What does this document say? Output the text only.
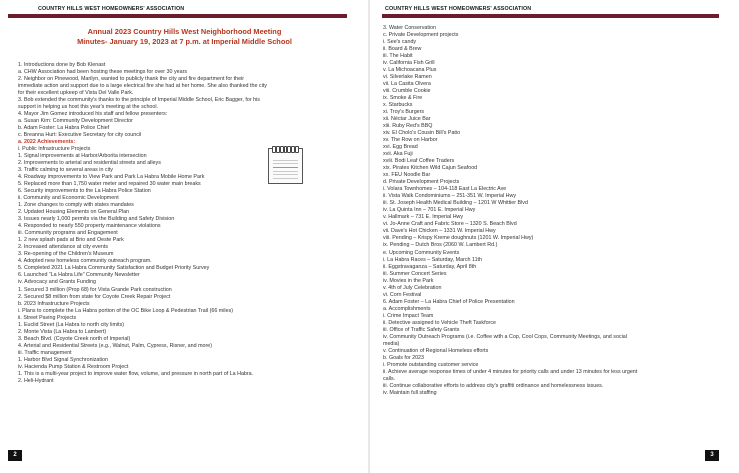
COUNTRY HILLS WEST HOMEOWNERS' ASSOCIATION
Annual 2023 Country Hills West Neighborhood Meeting
Minutes- January 19, 2023 at 7 p.m. at Imperial Middle School
1. Introductions done by Bob Klenast
a. CHW Association had been hosting these meetings for over 30 years
2. Neighbor on Pinewood, Marilyn, wanted to publicly thank the city and fire department for their
immediate action and support due to a large electrical fire she had at her home. She also thanked the city
for their excellent upkeep of Vista Del Valle Park.
3. Bob extended the community's thanks to the principle of Imperial Middle School, Eric Bagger, for his
support in helping us host this year's meeting at the school.
4. Mayor Jim Gomez introduced his staff and fellow presenters:
a. Susan Kim: Community Development Director
b. Adam Foster: La Habra Police Chief
c. Breanna Hurt: Executive Secretary for city council
a. 2022 Achievements:
i. Public Infrastructure Projects
1. Signal improvements at Harbor/Arborita intersection
2. Improvements to arterial and residential streets and alleys
3. Traffic calming to several areas in city
4. Roadway improvements to View Park and Park La Habra Mobile Home Park
5. Replaced more than 1,750 water meter and repaired 30 water main breaks
6. Security improvements to the La Habra Police Station
ii. Community and Economic Development
1. Zone changes to comply with states mandates
2. Updated Housing Elements on General Plan
3. Issues nearly 1,000 permits via the Building and Safety Division
4. Responded to nearly 550 property maintenance violations
iii. Community programs and Engagement
1. 2 new splash pads at Brio and Oeste Park
2. Increased attendance at city events
3. Re-opening of the Children's Museum
4. Adopted new homeless community outreach program.
5. Completed 2021 La Habra Community Satisfaction and Budget Priority Survey
6. Launched “La Habra Life” Community Newsletter
iv. Advocacy and Grants Funding
1. Secured 3 million (Prop 68) for Vista Grande Park construction
2. Secured $8 million from state for Coyote Creek Repair Project
b. 2023 Infrastructure Projects
i. Plans to complete the La Habra portion of the OC Bike Loop & Pedestrian Trail (66 miles)
ii. Street Paving Projects
1. Euclid Street (La Habra to north city limits)
2. Monte Vista (La Habra to Lambert)
3. Beach Blvd. (Coyote Creek north of Imperial)
4. Arterial and Residential Streets (e.g., Walnut, Palm, Cypress, Risner, and more)
iii. Traffic management
1. Harbor Blvd Signal Synchronization
iv. Hacienda Pump Station & Restroom Project
1. This is a multi-year project to improve water flow, volume, and pressure in north part of La Habra.
2. Heli-Hydrant
2
COUNTRY HILLS WEST HOMEOWNERS' ASSOCIATION
3. Water Conservation
c. Private Development projects
i. See's candy
ii. Board & Brew
iii. The Habit
iv. California Fish Grill
v. La Michoacana Plus
vi. Silverlake Ramen
vii. La Casita Olvera
viii. Crumble Cookie
ix. Smoke & Fire
x. Starbucks
xi. Troy's Burgers
xii. Néctar Juice Bar
xiii. Ruby Red's BBQ
xiv. El Cholo's Cousin Bill's Patio
xv. The Row on Harbor
xvi. Egg Bread
xvii. Aka Fuji
xviii. Bodi Leaf Coffee Traders
xix. Pirates Kitchen Wild Cajun Seafood
xx. FEU Noodle Bar
d. Private Development Projects
i. Volara Townhomes – 104-118 East La Electric Ave
ii. Vista Walk Condominiums – 251-351 W. Imperial Hwy
iii. St. Joseph Health Medical Building – 1201 W Whittier Blvd
iv. La Quinta Inn – 701 E. Imperial Hwy
v. Hallmark – 731 E. Imperial Hwy
vi. Jo-Anne Craft and Fabric Store – 1320 S. Beach Blvd
vii. Dave's Hot Chicken – 1331 W. Imperial Hwy
viii. Pending – Krispy Kreme doughnuts (1201 W. Imperial Hwy)
ix. Pending – Dutch Bros (2060 W. Lambert Rd.)
e. Upcoming Community Events
i. La Habra Races – Saturday, March 11th
ii. Eggstravaganza – Saturday, April 8th
iii. Summer Concert Series
iv. Movies in the Park
v. 4th of July Celebration
vi. Corn Festival
6. Adam Foster – La Habra Chief of Police Presentation
a. Accomplishments
i. Crime Impact Team
ii. Detective assigned to Vehicle Theft Taskforce
iii. Office of Traffic Safety Grants
iv. Community Outreach Programs (i.e. Coffee with a Cop, Cool Cops, Community Meetings, and social
media)
v. Continuation of Regional Homeless efforts
b. Goals for 2023
i. Promote outstanding customer service
ii. Achieve average response times of under 4 minutes for priority calls and under 13 minutes for less urgent
calls.
iii. Continue collaborative efforts to address city's graffiti ordinance and homelessness issues.
iv. Maintain full staffing
3
